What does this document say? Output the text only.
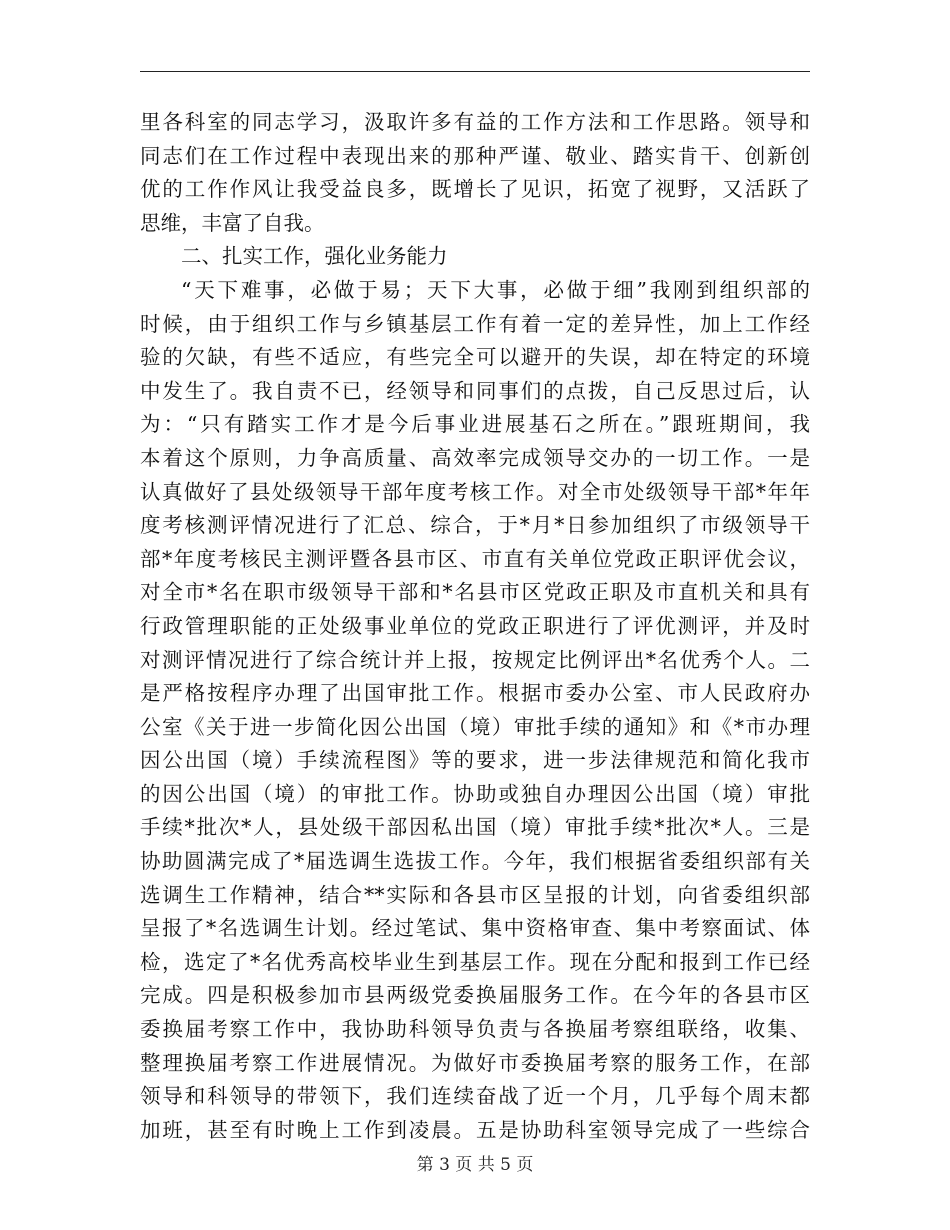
里各科室的同志学习，汲取许多有益的工作方法和工作思路。领导和
同志们在工作过程中表现出来的那种严谨、敬业、踏实肯干、创新创
优的工作作风让我受益良多，既增长了见识，拓宽了视野，又活跃了
思维，丰富了自我。
二、扎实工作，强化业务能力
“天下难事，必做于易；天下大事，必做于细”我刚到组织部的
时候，由于组织工作与乡镇基层工作有着一定的差异性，加上工作经
验的欠缺，有些不适应，有些完全可以避开的失误，却在特定的环境
中发生了。我自责不已，经领导和同事们的点拨，自己反思过后，认
为：“只有踏实工作才是今后事业进展基石之所在。”跟班期间，我
本着这个原则，力争高质量、高效率完成领导交办的一切工作。一是
认真做好了县处级领导干部年度考核工作。对全市处级领导干部*年年
度考核测评情况进行了汇总、综合，于*月*日参加组织了市级领导干
部*年度考核民主测评暨各县市区、市直有关单位党政正职评优会议，
对全市*名在职市级领导干部和*名县市区党政正职及市直机关和具有
行政管理职能的正处级事业单位的党政正职进行了评优测评，并及时
对测评情况进行了综合统计并上报，按规定比例评出*名优秀个人。二
是严格按程序办理了出国审批工作。根据市委办公室、市人民政府办
公室《关于进一步简化因公出国（境）审批手续的通知》和《*市办理
因公出国（境）手续流程图》等的要求，进一步法律规范和简化我市
的因公出国（境）的审批工作。协助或独自办理因公出国（境）审批
手续*批次*人，县处级干部因私出国（境）审批手续*批次*人。三是
协助圆满完成了*届选调生选拔工作。今年，我们根据省委组织部有关
选调生工作精神，结合**实际和各县市区呈报的计划，向省委组织部
呈报了*名选调生计划。经过笔试、集中资格审查、集中考察面试、体
检，选定了*名优秀高校毕业生到基层工作。现在分配和报到工作已经
完成。四是积极参加市县两级党委换届服务工作。在今年的各县市区
委换届考察工作中，我协助科领导负责与各换届考察组联络，收集、
整理换届考察工作进展情况。为做好市委换届考察的服务工作，在部
领导和科领导的带领下，我们连续奋战了近一个月，几乎每个周末都
加班，甚至有时晚上工作到凌晨。五是协助科室领导完成了一些综合
第 3 页 共 5 页
